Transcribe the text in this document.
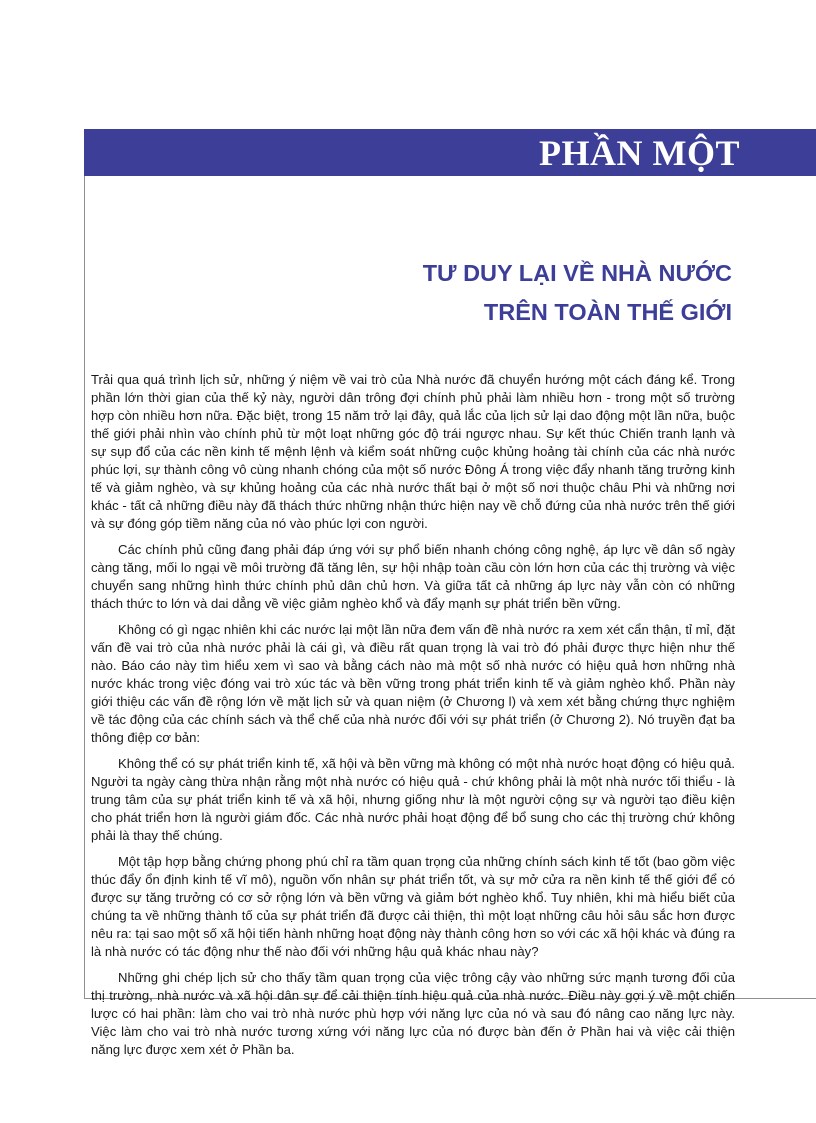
PHẦN MỘT
TƯ DUY LẠI VỀ NHÀ NƯỚC
TRÊN TOÀN THẾ GIỚI

Trải qua quá trình lịch sử, những ý niệm về vai trò của Nhà nước đã chuyển hướng một cách đáng kể. Trong phần lớn thời gian của thế kỷ này, người dân trông đợi chính phủ phải làm nhiều hơn - trong một số trường hợp còn nhiều hơn nữa. Đặc biệt, trong 15 năm trở lại đây, quả lắc của lịch sử lại dao động một lần nữa, buộc thế giới phải nhìn vào chính phủ từ một loạt những góc độ trái ngược nhau. Sự kết thúc Chiến tranh lạnh và sự sụp đổ của các nền kinh tế mệnh lệnh và kiểm soát những cuộc khủng hoảng tài chính của các nhà nước phúc lợi, sự thành công vô cùng nhanh chóng của một số nước Đông Á trong việc đẩy nhanh tăng trưởng kinh tế và giảm nghèo, và sự khủng hoảng của các nhà nước thất bại ở một số nơi thuộc châu Phi và những nơi khác - tất cả những điều này đã thách thức những nhận thức hiện nay về chỗ đứng của nhà nước trên thế giới và sự đóng góp tiềm năng của nó vào phúc lợi con người.

Các chính phủ cũng đang phải đáp ứng với sự phổ biến nhanh chóng công nghệ, áp lực về dân số ngày càng tăng, mối lo ngại về môi trường đã tăng lên, sự hội nhập toàn cầu còn lớn hơn của các thị trường và việc chuyển sang những hình thức chính phủ dân chủ hơn. Và giữa tất cả những áp lực này vẫn còn có những thách thức to lớn và dai dẳng về việc giảm nghèo khổ và đẩy mạnh sự phát triển bền vững.

Không có gì ngạc nhiên khi các nước lại một lần nữa đem vấn đề nhà nước ra xem xét cẩn thận, tỉ mỉ, đặt vấn đề vai trò của nhà nước phải là cái gì, và điều rất quan trọng là vai trò đó phải được thực hiện như thế nào. Báo cáo này tìm hiểu xem vì sao và bằng cách nào mà một số nhà nước có hiệu quả hơn những nhà nước khác trong việc đóng vai trò xúc tác và bền vững trong phát triển kinh tế và giảm nghèo khổ. Phần này giới thiệu các vấn đề rộng lớn về mặt lịch sử và quan niệm (ở Chương l) và xem xét bằng chứng thực nghiệm về tác động của các chính sách và thể chế của nhà nước đối với sự phát triển (ở Chương 2). Nó truyền đạt ba thông điệp cơ bản:

Không thể có sự phát triển kinh tế, xã hội và bền vững mà không có một nhà nước hoạt động có hiệu quả. Người ta ngày càng thừa nhận rằng một nhà nước có hiệu quả - chứ không phải là một nhà nước tối thiểu - là trung tâm của sự phát triển kinh tế và xã hội, nhưng giống như là một người cộng sự và người tạo điều kiện cho phát triển hơn là người giám đốc. Các nhà nước phải hoạt động để bổ sung cho các thị trường chứ không phải là thay thế chúng.

Một tập hợp bằng chứng phong phú chỉ ra tầm quan trọng của những chính sách kinh tế tốt (bao gồm việc thúc đẩy ổn định kinh tế vĩ mô), nguồn vốn nhân sự phát triển tốt, và sự mở cửa ra nền kinh tế thế giới để có được sự tăng trưởng có cơ sở rộng lớn và bền vững và giảm bớt nghèo khổ. Tuy nhiên, khi mà hiểu biết của chúng ta về những thành tố của sự phát triển đã được cải thiện, thì một loạt những câu hỏi sâu sắc hơn được nêu ra: tại sao một số xã hội tiến hành những hoạt động này thành công hơn so với các xã hội khác và đúng ra là nhà nước có tác động như thế nào đối với những hậu quả khác nhau này?

Những ghi chép lịch sử cho thấy tầm quan trọng của việc trông cậy vào những sức mạnh tương đối của thị trường, nhà nước và xã hội dân sự để cải thiện tính hiệu quả của nhà nước. Điều này gợi ý về một chiến lược có hai phần: làm cho vai trò nhà nước phù hợp với năng lực của nó và sau đó nâng cao năng lực này. Việc làm cho vai trò nhà nước tương xứng với năng lực của nó được bàn đến ở Phần hai và việc cải thiện năng lực được xem xét ở Phần ba.
